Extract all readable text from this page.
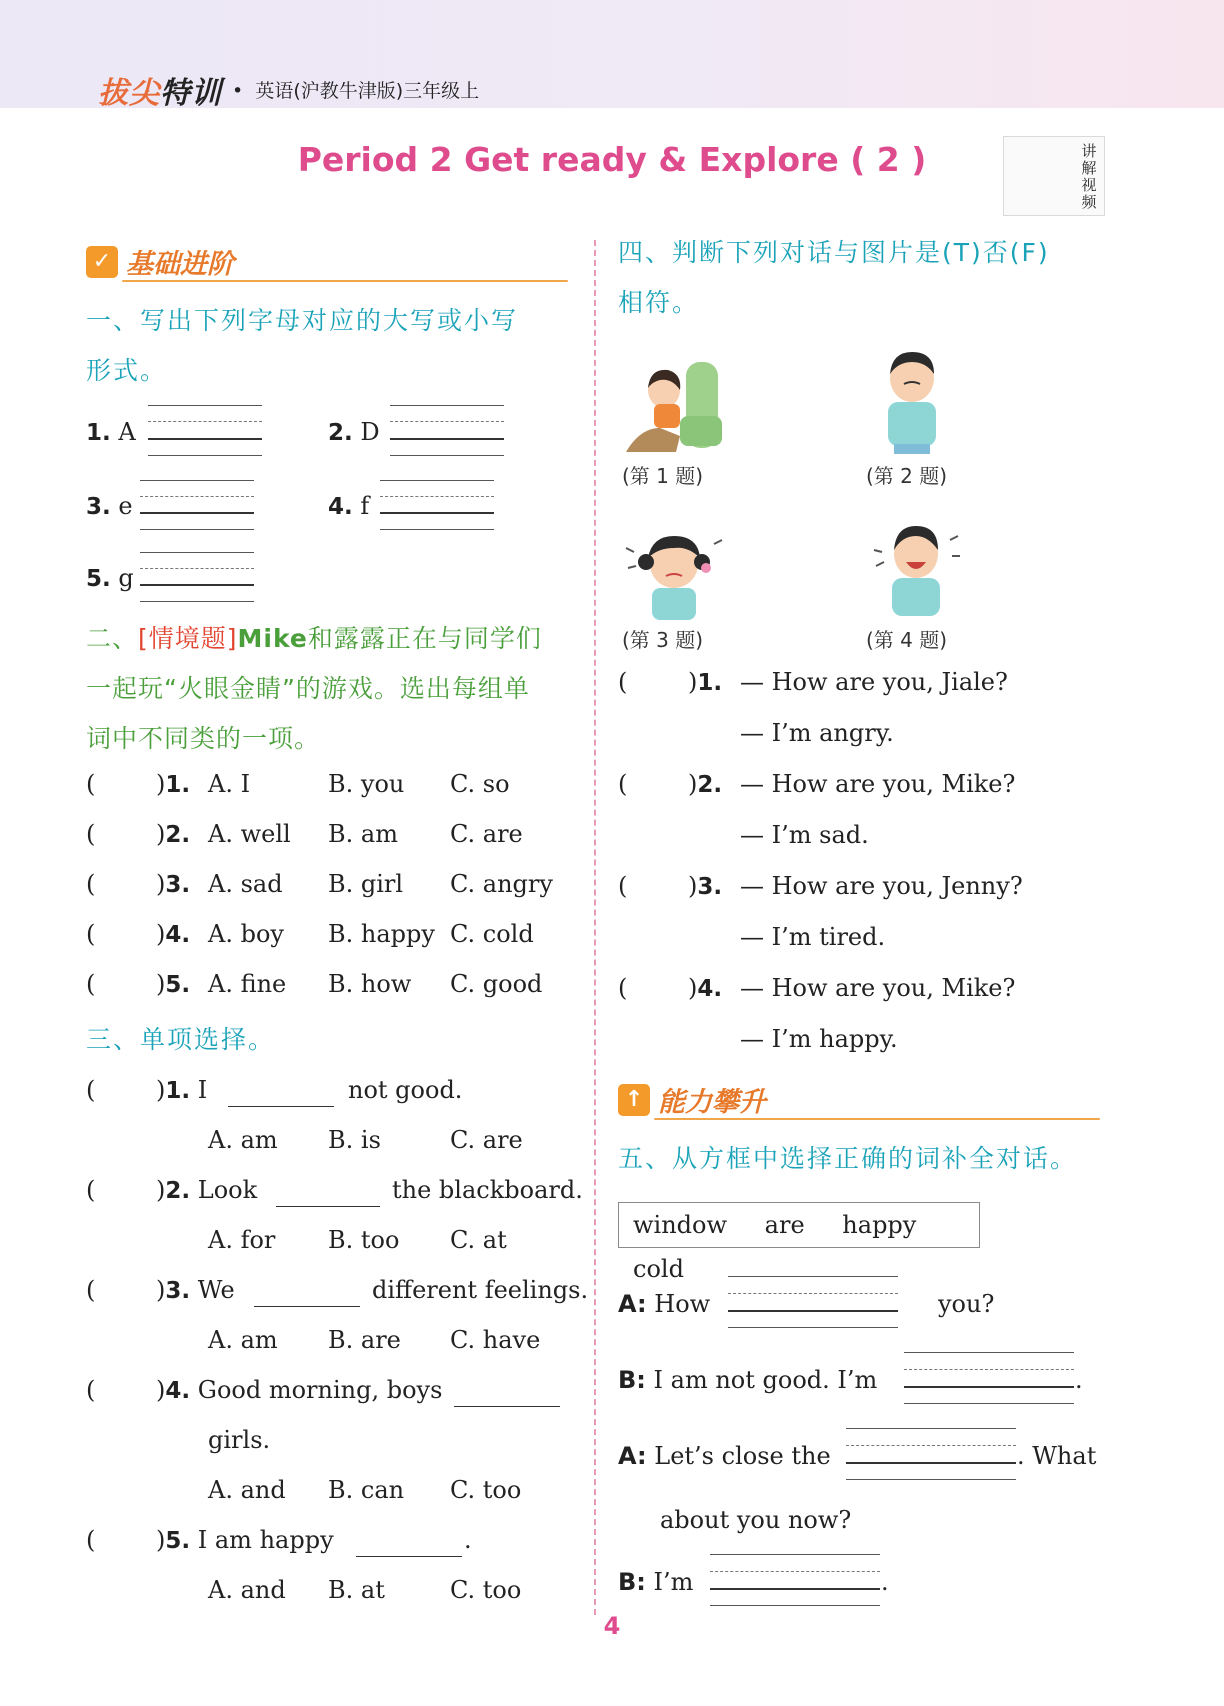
拔尖特训 • 英语(沪教牛津版)三年级上
Period 2 Get ready & Explore ( 2 )	讲解视频
✓ 基础进阶
一、写出下列字母对应的大写或小写
形式。
1. A	2. D
3. e	4. f
5. g
二、[情境题]Mike和露露正在与同学们
一起玩“火眼金睛”的游戏。选出每组单
词中不同类的一项。
(	)1. A. I	B. you C. so
(	)2. A. well B. am C. are
(	)3. A. sad B. girl C. angry
(	)4. A. boy B. happy C. cold
(	)5. A. fine B. how C. good
三、单项选择。
(	)1. I	not good.
A. am B. is	C. are
(	)2. Look	the blackboard.
A. for B. too C. at
(	)3. We	different feelings.
A. am B. are C. have
(	)4. Good morning, boys
girls.
A. and B. can C. too
(	)5. I am happy	.
A. and B. at	C. too
四、判断下列对话与图片是(T)否(F)
相符。
(第 1 题)	(第 2 题)
(第 3 题)	(第 4 题)
(	)1. — How are you, Jiale?
— I’m angry.
(	)2. — How are you, Mike?
— I’m sad.
(	)3. — How are you, Jenny?
— I’m tired.
(	)4. — How are you, Mike?
— I’m happy.
↑ 能力攀升
五、从方框中选择正确的词补全对话。
window are happy cold
A: How	you?
B: I am not good. I’m	.
A: Let’s close the	. What
about you now?
B: I’m	.
4
